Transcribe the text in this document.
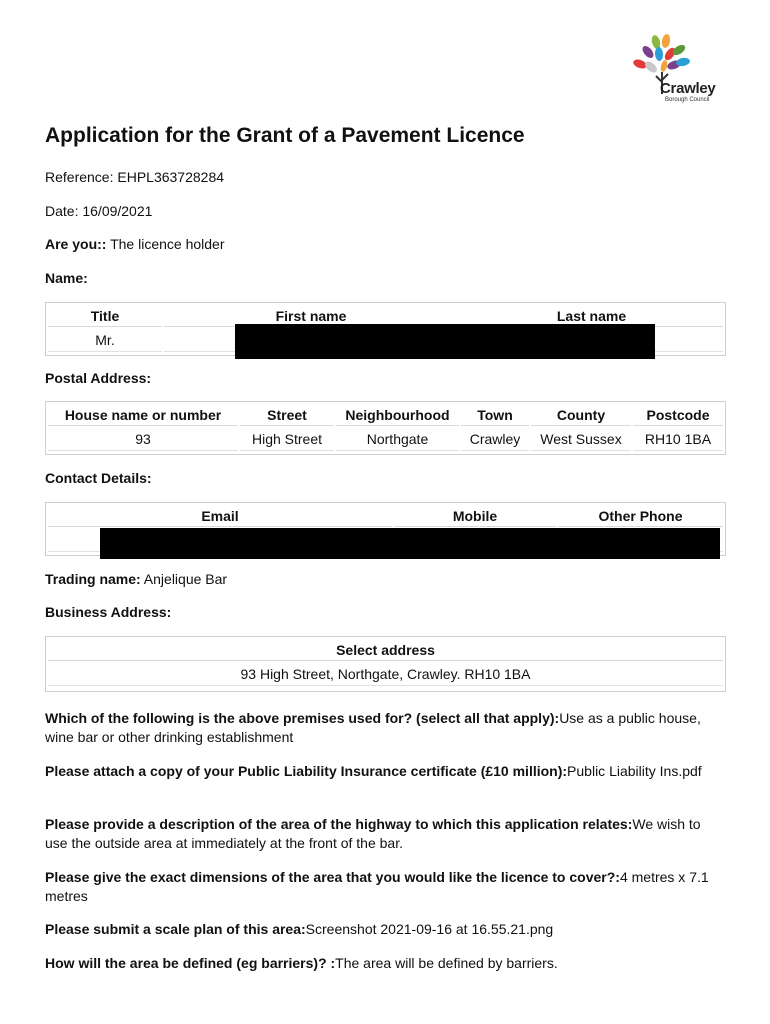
Crawley
Borough Council
Application for the Grant of a Pavement Licence
Reference: EHPL363728284
Date: 16/09/2021
Are you:: The licence holder
Name:
Title	First name	Last name
Mr.		
Postal Address:
House name or number	Street	Neighbourhood	Town	County	Postcode
93	High Street	Northgate	Crawley	West Sussex	RH10 1BA
Contact Details:
Email	Mobile	Other Phone

Trading name: Anjelique Bar
Business Address:
Select address
93 High Street, Northgate, Crawley. RH10 1BA
Which of the following is the above premises used for? (select all that apply):Use as a public house, wine bar or other drinking establishment
Please attach a copy of your Public Liability Insurance certificate (£10 million):Public Liability Ins.pdf
Please provide a description of the area of the highway to which this application relates:We wish to use the outside area at immediately at the front of the bar.
Please give the exact dimensions of the area that you would like the licence to cover?:4 metres x 7.1 metres
Please submit a scale plan of this area:Screenshot 2021-09-16 at 16.55.21.png
How will the area be defined (eg barriers)? :The area will be defined by barriers.
